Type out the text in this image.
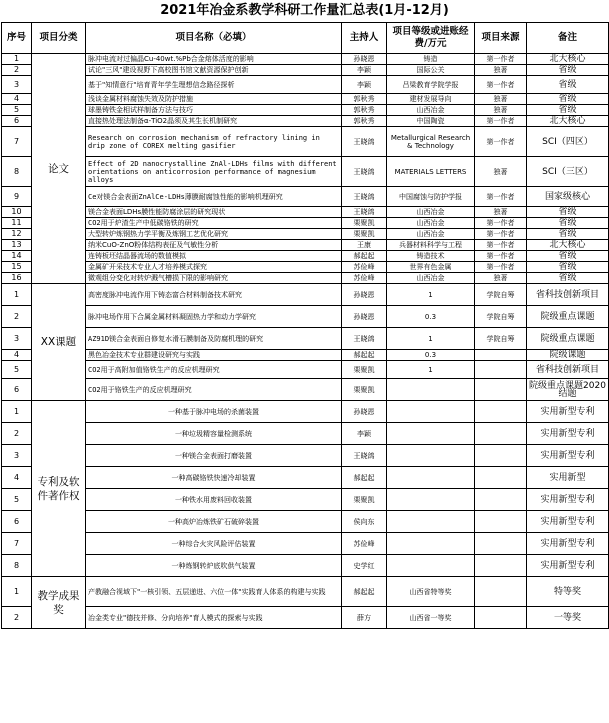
2021年冶金系教学科研工作量汇总表(1月-12月)
序号	项目分类	项目名称（必填）	主持人	项目等级或进账经费/万元	项目来源	备注
1	论文	脉冲电流对过偏晶Cu-40wt.%Pb合金熔体活度的影响	孙晓恩	铸造	第一作者	北大核心
2		试论"三风"建设视野下高校图书馆文献资源保护创新	李颖	国际公关	独著	省级
3		基于"知情意行"培育青年学生理想信念路径探析	李颖	吕梁教育学院学报	第一作者	省级
4		浅谈金属材料腐蚀失效及防护措施	郭秋秀	建材发展导向	独著	省级
5		球墨铸铁金相试样制备方法与技巧	郭秋秀	山西冶金	独著	省级
6		直接热处理法制备α-TiO2晶须及其生长机制研究	郭秋秀	中国陶瓷	第一作者	北大核心
7		Research on corrosion mechanism of refractory lining in drip zone of COREX melting gasifier	王晓鸽	Metallurgical Research & Technology	第一作者	SCI（四区）
8		Effect of 2D nanocrystalline ZnAl-LDHs films with different orientations on anticorrosion performance of magnesium alloys	王晓鸽	MATERIALS LETTERS	独著	SCI（三区）
9		Ce对镁合金表面ZnAlCe-LDHs薄膜耐腐蚀性能的影响机理研究	王晓鸽	中国腐蚀与防护学报	第一作者	国家级核心
10		镁合金表面LDHs膜性能防腐涂层的研究现状	王晓鸽	山西冶金	独著	省级
11		CO2用于炉渣生产中低碳铬铁的研究	栗聚凯	山西冶金	第一作者	省级
12		大型转炉炼钢热力学平衡及炼钢工艺优化研究	栗聚凯	山西冶金	第一作者	省级
13		纳米CuO-ZnO粉体结构表征及气敏性分析	王康	兵器材料科学与工程	第一作者	北大核心
14		连铸板坯结晶器流场的数值模拟	郝起起	铸造技术	第一作者	省级
15		金属矿开采技术专业人才培养模式探究	苏俭峰	世界有色金属	第一作者	省级
16		微观组分变化对转炉溅气槽损下限的影响研究	苏俭峰	山西冶金	独著	省级
1	XX课题	高密度脉冲电流作用下铸态富合材料制备技术研究	孙晓恩	1	学院自筹	省科技创新项目
2		脉冲电场作用下合属金属材料凝固热力学和动力学研究	孙晓恩	0.3	学院自筹	院级重点课题
3		AZ91D镁合金表面自修复水滑石膜制备及防腐机理的研究	王晓鸽	1	学院自筹	院级重点课题
4		黑色冶金技术专业群建设研究与实践	郝起起	0.3		院级课题
5		CO2用于高附加值铬铁生产的反应机理研究	栗聚凯	1		省科技创新项目
6		CO2用于铬铁生产的反应机理研究	栗聚凯			院级重点课题2020结题
1	专利及软件著作权	一种基于脉冲电场的杀菌装置	孙晓恩			实用新型专利
2		一种垃圾精容量检测系统	李颖			实用新型专利
3		一种镁合金表面打磨装置	王晓鸽			实用新型专利
4		一种高碳铬铁快速冷却装置	郝起起			实用新型
5		一种铁水用废料回收装置	栗聚凯			实用新型专利
6		一种高炉冶炼铁矿石破碎装置	侯向东			实用新型专利
7		一种综合火灾风险评估装置	苏俭峰			实用新型专利
8		一种炼钢转炉底吹供气装置	史学红			实用新型专利
1	教学成果奖	产教融合视域下"一核引领、五层递进、六位一体"实践育人体系的构建与实践	郝起起	山西省特等奖		特等奖
2		冶金类专业"德技并修、分向培养"育人模式的探索与实践	薛方	山西省一等奖		一等奖
